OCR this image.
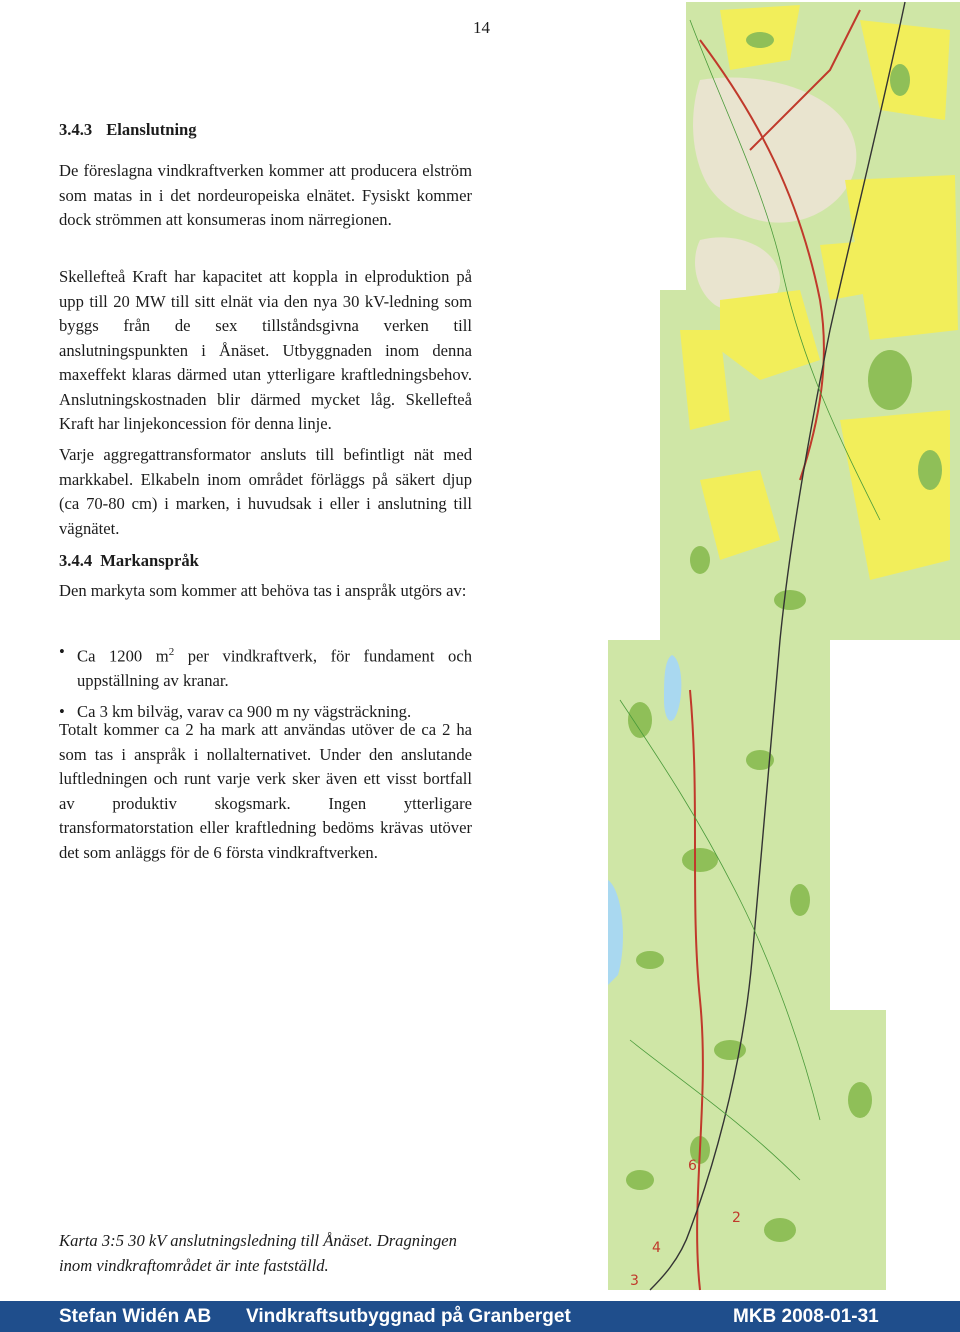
14
6
2
4
3

3.4.3 Elanslutning

De föreslagna vindkraftverken kommer att producera elström som matas in i det nordeuropeiska elnätet. Fysiskt kommer dock strömmen att konsumeras inom närregionen.

Skellefteå Kraft har kapacitet att koppla in elproduktion på upp till 20 MW till sitt elnät via den nya 30 kV-ledning som byggs från de sex tillståndsgivna verken till anslutningspunkten i Ånäset. Utbyggnaden inom denna maxeffekt klaras därmed utan ytterligare kraftledningsbehov. Anslutningskostnaden blir därmed mycket låg. Skellefteå Kraft har linjekoncession för denna linje.

Varje aggregattransformator ansluts till befintligt nät med markkabel. Elkabeln inom området förläggs på säkert djup (ca 70-80 cm) i marken, i huvudsak i eller i anslutning till vägnätet.

3.4.4 Markanspråk

Den markyta som kommer att behöva tas i anspråk utgörs av:

• Ca 1200 $m^2$ per vindkraftverk, för fundament och uppställning av kranar.
• Ca 3 km bilväg, varav ca 900 m ny vägsträckning.

Totalt kommer ca 2 ha mark att användas utöver de ca 2 ha som tas i anspråk i nollalternativet. Under den anslutande luftledningen och runt varje verk sker även ett visst bortfall av produktiv skogsmark. Ingen ytterligare transformatorstation eller kraftledning bedöms krävas utöver det som anläggs för de 6 första vindkraftverken.

Karta 3:5 30 kV anslutningsledning till Ånäset. Dragningen inom vindkraftområdet är inte fastställd.
Stefan Widén AB Vindkraftsutbyggnad på Granberget	MKB 2008-01-31
